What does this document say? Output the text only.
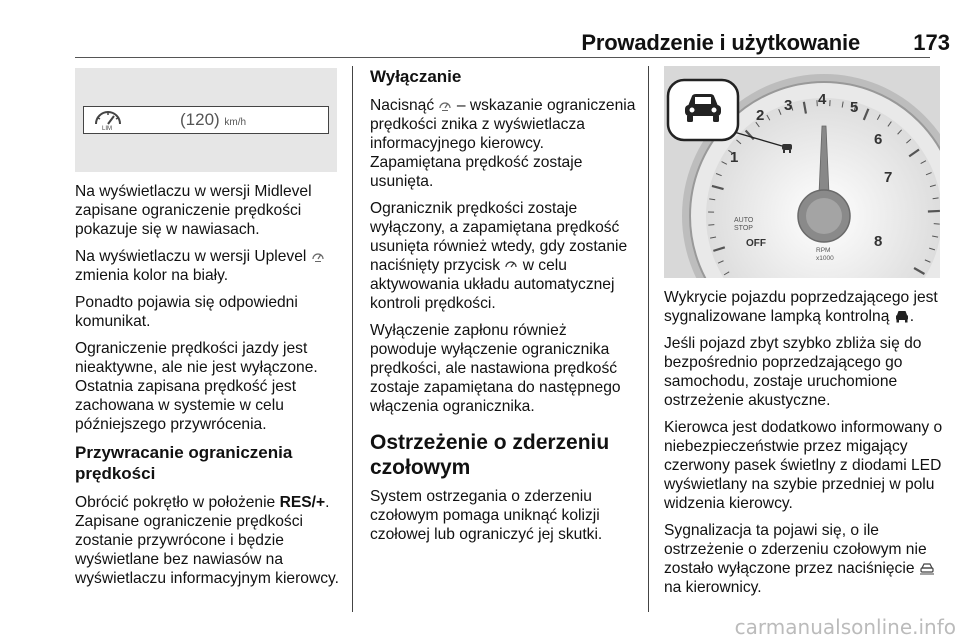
Prowadzenie i użytkowanie	173
LIM	(120) km/h

Na wyświetlaczu w wersji Midlevel zapisane ograniczenie prędkości pokazuje się w nawiasach.

Na wyświetlaczu w wersji Uplevel  zmienia kolor na biały.

Ponadto pojawia się odpowiedni komunikat.

Ograniczenie prędkości jazdy jest nieaktywne, ale nie jest wyłączone. Ostatnia zapisana prędkość jest zachowana w systemie w celu późniejszego przywrócenia.

Przywracanie ograniczenia prędkości

Obrócić pokrętło w położenie RES/+. Zapisane ograniczenie prędkości zostanie przywrócone i będzie wyświetlane bez nawiasów na wyświetlaczu informacyjnym kierowcy.

Wyłączanie

Nacisnąć – wskazanie ograniczenia prędkości znika z wyświetlacza informacyjnego kierowcy. Zapamiętana prędkość zostaje usunięta.

Ogranicznik prędkości zostaje wyłączony, a zapamiętana prędkość usunięta również wtedy, gdy zostanie naciśnięty przycisk w celu aktywowania układu automatycznej kontroli prędkości.

Wyłączenie zapłonu również powoduje wyłączenie ogranicznika prędkości, ale nastawiona prędkość zostaje zapamiętana do następnego włączenia ogranicznika.

Ostrzeżenie o zderzeniu czołowym

System ostrzegania o zderzeniu czołowym pomaga uniknąć kolizji czołowej lub ograniczyć jej skutki.

1
2
3 4 5
6
7
8
AUTO
STOP
OFF
RPM
x1000

Wykrycie pojazdu poprzedzającego jest sygnalizowane lampką kontrolną .

Jeśli pojazd zbyt szybko zbliża się do bezpośrednio poprzedzającego go samochodu, zostaje uruchomione ostrzeżenie akustyczne.

Kierowca jest dodatkowo informowany o niebezpieczeństwie przez migający czerwony pasek świetlny z diodami LED wyświetlany na szybie przedniej w polu widzenia kierowcy.

Sygnalizacja ta pojawi się, o ile ostrzeżenie o zderzeniu czołowym nie zostało wyłączone przez naciśnięcie  na kierownicy.

carmanualsonline.info
